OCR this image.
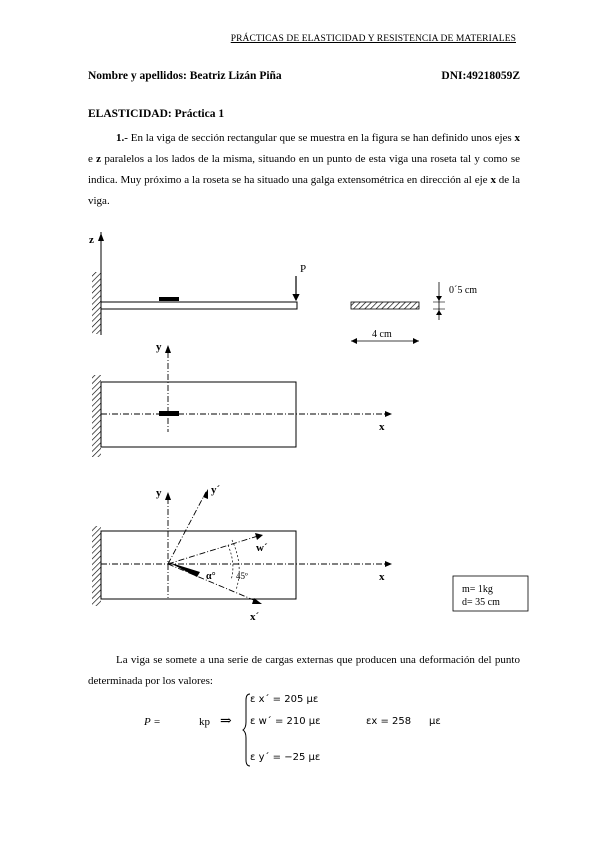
PRÁCTICAS DE ELASTICIDAD Y RESISTENCIA DE MATERIALES
Nombre y apellidos: Beatriz Lizán Piña	DNI:49218059Z
ELASTICIDAD: Práctica 1
1.- En la viga de sección rectangular que se muestra en la figura se han definido unos ejes x e z paralelos a los lados de la misma, situando en un punto de esta viga una roseta tal y como se indica. Muy próximo a la roseta se ha situado una galga extensométrica en dirección al eje x de la viga.
z
P
0´5 cm
4 cm
y
x
y
x
y´
w´
x´
α° 45º
m= 1kg
d= 35 cm
La viga se somete a una serie de cargas externas que producen una deformación del punto determinada por los valores:
P =	kp ⇒
ε x´ = 205 με
ε w´ = 210 με
ε y´ = −25 με
εx = 258 με
